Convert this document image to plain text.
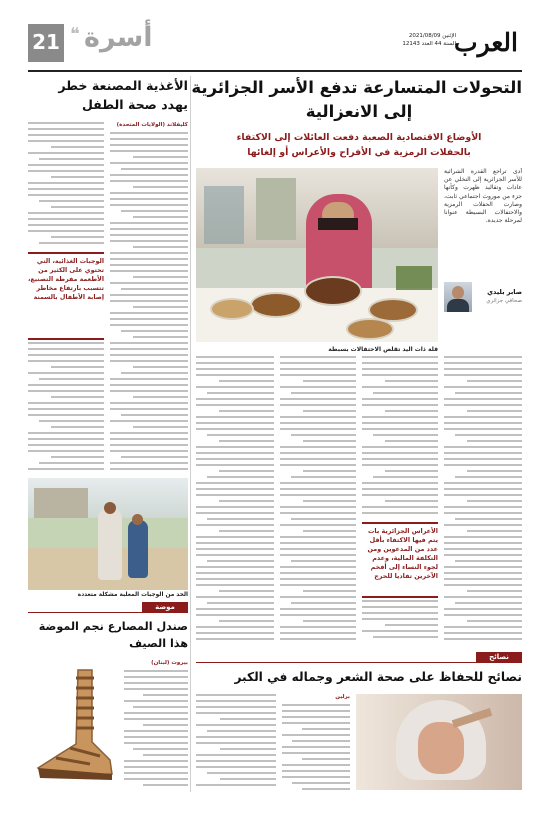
العرب
الإثنين 2021/08/09
السنة 44 العدد 12143
أسرة
❝
21
التحولات المتسارعة تدفع الأسر الجزائرية
إلى الانعزالية
الأوضاع الاقتصادية الصعبة دفعت العائلات إلى الاكتفاء
بالحفلات الرمزية في الأفراح والأعراس أو إلغائها
أدى تراجع القدرة الشرائية للأسر الجزائرية إلى التخلي عن عادات وتقاليد ظهرت وكأنها جزء من موروث اجتماعي ثابت، وصارت الحفلات الرمزية والاحتفالات البسيطة عنوانا لمرحلة جديدة.
صابر بليدي
صحافي جزائري
قلة ذات اليد تقلص الاحتفالات بسبطة
الأعراس الجزائرية بات يتم فيها الاكتفاء بأقل عدد من المدعوين ومن التكلفة المالية، وعدم لجوء النساء إلى أفخم الآخرين تفاديا للحرج
الأغذية المصنعة خطر
يهدد صحة الطفل
كليفلاند (الولايات المتحدة)
الوجبات الغذائية، التي تحتوي على الكثير من الأطعمة مفرطة التصنيع، تتسبب بارتفاع مخاطر إصابة الأطفال بالسمنة
الحد من الوجبات المعلبة مشكلة متعددة
موضة
صندل المصارع نجم الموضة
هذا الصيف
بيروت (لبنان)
نصائح
نصائح للحفاظ على صحة الشعر وجماله في الكبر
برلين
